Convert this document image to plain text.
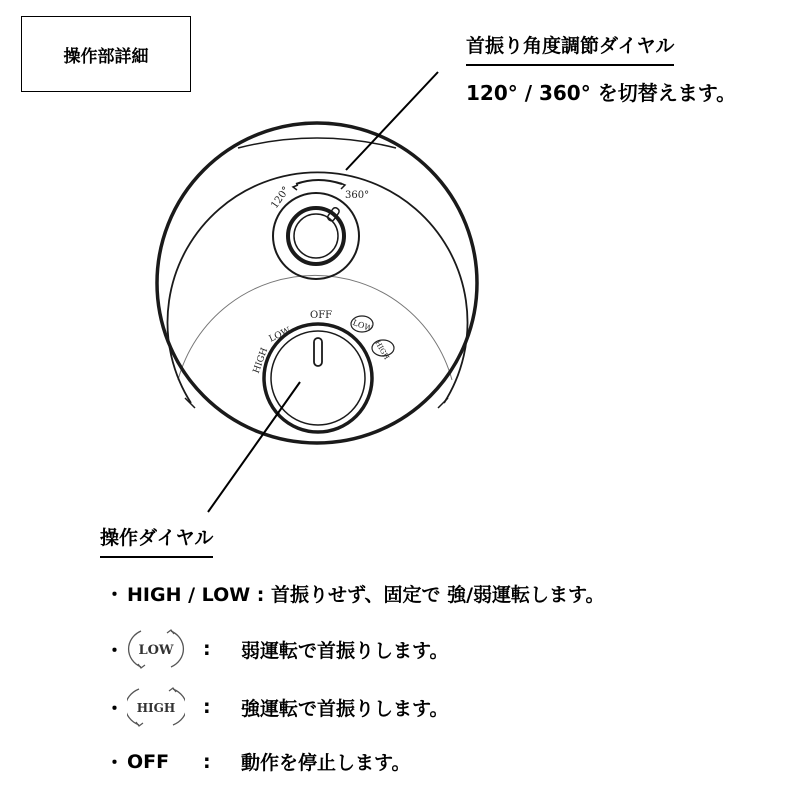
操作部詳細	首振り角度調節ダイヤル
120° / 360° を切替えます。
120°	360°
OFF
LOW
HIGH
LOW
HIGH
操作ダイヤル
・ HIGH / LOW : 首振りせず、固定で 強/弱運転します。
・ LOW :	弱運転で首振りします。
・ HIGH :	強運転で首振りします。
・ OFF	:	動作を停止します。
